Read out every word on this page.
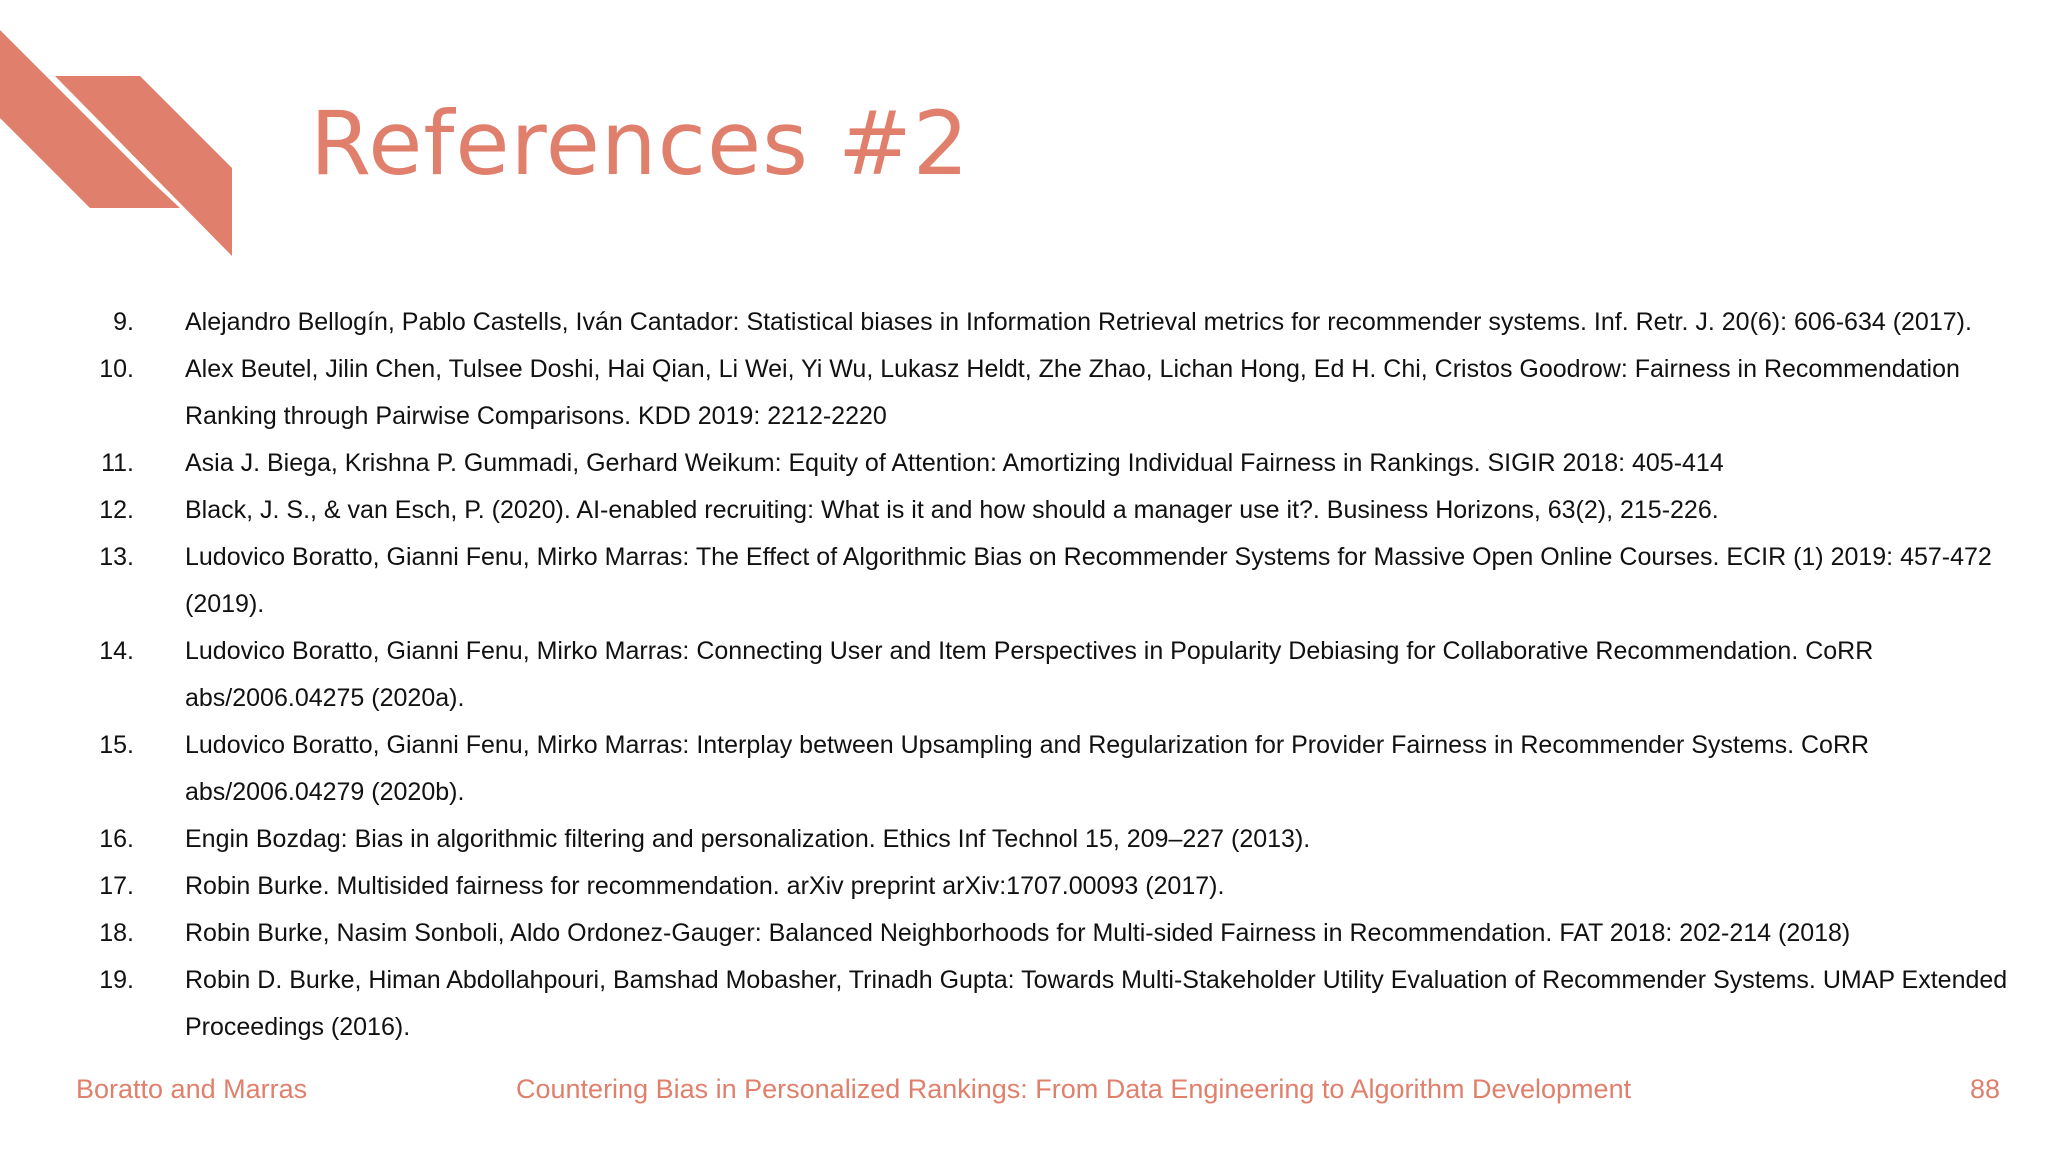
References #2
9. Alejandro Bellogín, Pablo Castells, Iván Cantador: Statistical biases in Information Retrieval metrics for recommender systems. Inf. Retr. J. 20(6): 606-634 (2017).
10. Alex Beutel, Jilin Chen, Tulsee Doshi, Hai Qian, Li Wei, Yi Wu, Lukasz Heldt, Zhe Zhao, Lichan Hong, Ed H. Chi, Cristos Goodrow: Fairness in Recommendation Ranking through Pairwise Comparisons. KDD 2019: 2212-2220
11. Asia J. Biega, Krishna P. Gummadi, Gerhard Weikum: Equity of Attention: Amortizing Individual Fairness in Rankings. SIGIR 2018: 405-414
12. Black, J. S., & van Esch, P. (2020). AI-enabled recruiting: What is it and how should a manager use it?. Business Horizons, 63(2), 215-226.
13. Ludovico Boratto, Gianni Fenu, Mirko Marras: The Effect of Algorithmic Bias on Recommender Systems for Massive Open Online Courses. ECIR (1) 2019: 457-472 (2019).
14. Ludovico Boratto, Gianni Fenu, Mirko Marras: Connecting User and Item Perspectives in Popularity Debiasing for Collaborative Recommendation. CoRR abs/2006.04275 (2020a).
15. Ludovico Boratto, Gianni Fenu, Mirko Marras: Interplay between Upsampling and Regularization for Provider Fairness in Recommender Systems. CoRR abs/2006.04279 (2020b).
16. Engin Bozdag: Bias in algorithmic filtering and personalization. Ethics Inf Technol 15, 209–227 (2013).
17. Robin Burke. Multisided fairness for recommendation. arXiv preprint arXiv:1707.00093 (2017).
18. Robin Burke, Nasim Sonboli, Aldo Ordonez-Gauger: Balanced Neighborhoods for Multi-sided Fairness in Recommendation. FAT 2018: 202-214 (2018)
19. Robin D. Burke, Himan Abdollahpouri, Bamshad Mobasher, Trinadh Gupta: Towards Multi-Stakeholder Utility Evaluation of Recommender Systems. UMAP Extended Proceedings (2016).
Boratto and Marras	Countering Bias in Personalized Rankings: From Data Engineering to Algorithm Development	88
